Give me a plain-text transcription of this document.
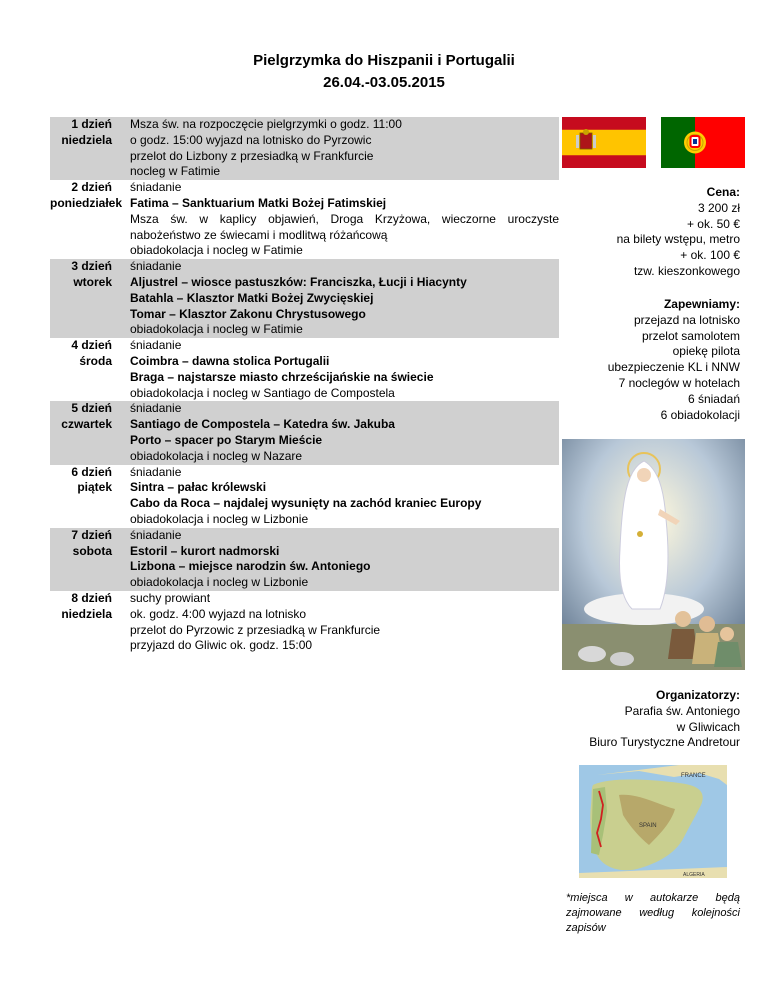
Pielgrzymka do Hiszpanii i Portugalii
26.04.-03.05.2015
1 dzień
niedziela
Msza św. na rozpoczęcie pielgrzymki o godz. 11:00
o godz. 15:00 wyjazd na lotnisko do Pyrzowic
przelot do Lizbony z przesiadką w Frankfurcie
nocleg w Fatimie
2 dzień
poniedziałek
śniadanie
Fatima – Sanktuarium Matki Bożej Fatimskiej
Msza św. w kaplicy objawień, Droga Krzyżowa, wieczorne uroczyste nabożeństwo ze świecami i modlitwą różańcową
obiadokolacja i nocleg w Fatimie
3 dzień
wtorek
śniadanie
Aljustrel – wiosce pastuszków: Franciszka, Łucji i Hiacynty
Batahla – Klasztor Matki Bożej Zwycięskiej
Tomar – Klasztor Zakonu Chrystusowego
obiadokolacja i nocleg w Fatimie
4 dzień
środa
śniadanie
Coimbra – dawna stolica Portugalii
Braga – najstarsze miasto chrześcijańskie na świecie
obiadokolacja i nocleg w Santiago de Compostela
5 dzień
czwartek
śniadanie
Santiago de Compostela – Katedra św. Jakuba
Porto – spacer po Starym Mieście
obiadokolacja i nocleg w Nazare
6 dzień
piątek
śniadanie
Sintra – pałac królewski
Cabo da Roca – najdalej wysunięty na zachód kraniec Europy
obiadokolacja i nocleg w Lizbonie
7 dzień
sobota
śniadanie
Estoril – kurort nadmorski
Lizbona – miejsce narodzin św. Antoniego
obiadokolacja i nocleg w Lizbonie
8 dzień
niedziela
suchy prowiant
ok. godz. 4:00 wyjazd na lotnisko
przelot do Pyrzowic z przesiadką w Frankfurcie
przyjazd do Gliwic ok. godz. 15:00
Cena:
3 200 zł
+ ok. 50 €
na bilety wstępu, metro
+ ok. 100 €
tzw. kieszonkowego
Zapewniamy:
przejazd na lotnisko
przelot samolotem
opiekę pilota
ubezpieczenie KL i NNW
7 noclegów w hotelach
6 śniadań
6 obiadokolacji
Organizatorzy:
Parafia św. Antoniego
w Gliwicach
Biuro Turystyczne Andretour
FRANCE
SPAIN
ALGERIA
*miejsca w autokarze będą zajmowane według kolejności zapisów
